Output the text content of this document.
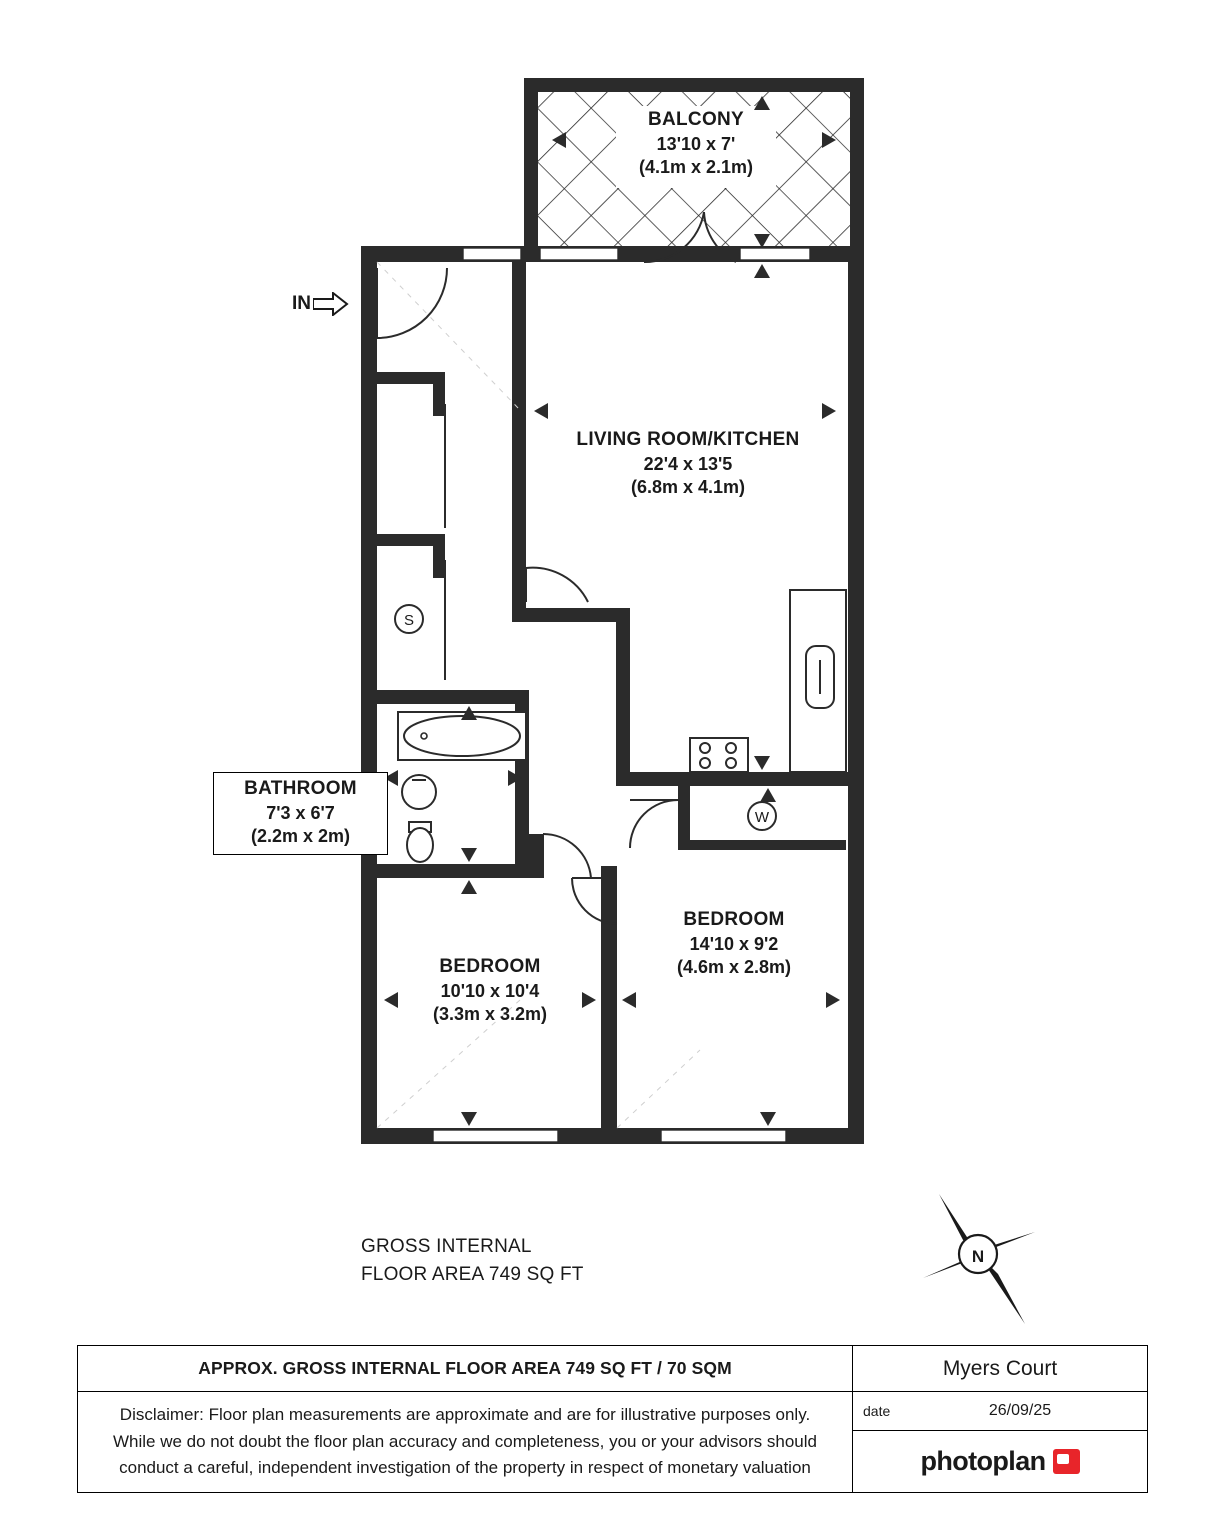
W
S
BALCONY
13'10 x 7'
(4.1m x 2.1m)
LIVING ROOM/KITCHEN
22'4 x 13'5
(6.8m x 4.1m)
BATHROOM
7'3 x 6'7
(2.2m x 2m)
BEDROOM
14'10 x 9'2
(4.6m x 2.8m)
BEDROOM
10'10 x 10'4
(3.3m x 3.2m)
IN
GROSS INTERNAL
FLOOR AREA 749 SQ FT
N
APPROX. GROSS INTERNAL FLOOR AREA 749 SQ FT / 70 SQM
Disclaimer: Floor plan measurements are approximate and are for illustrative purposes only.
While we do not doubt the floor plan accuracy and completeness, you or your advisors should
conduct a careful, independent investigation of the property in respect of monetary valuation
Myers Court
date	26/09/25
photoplan
